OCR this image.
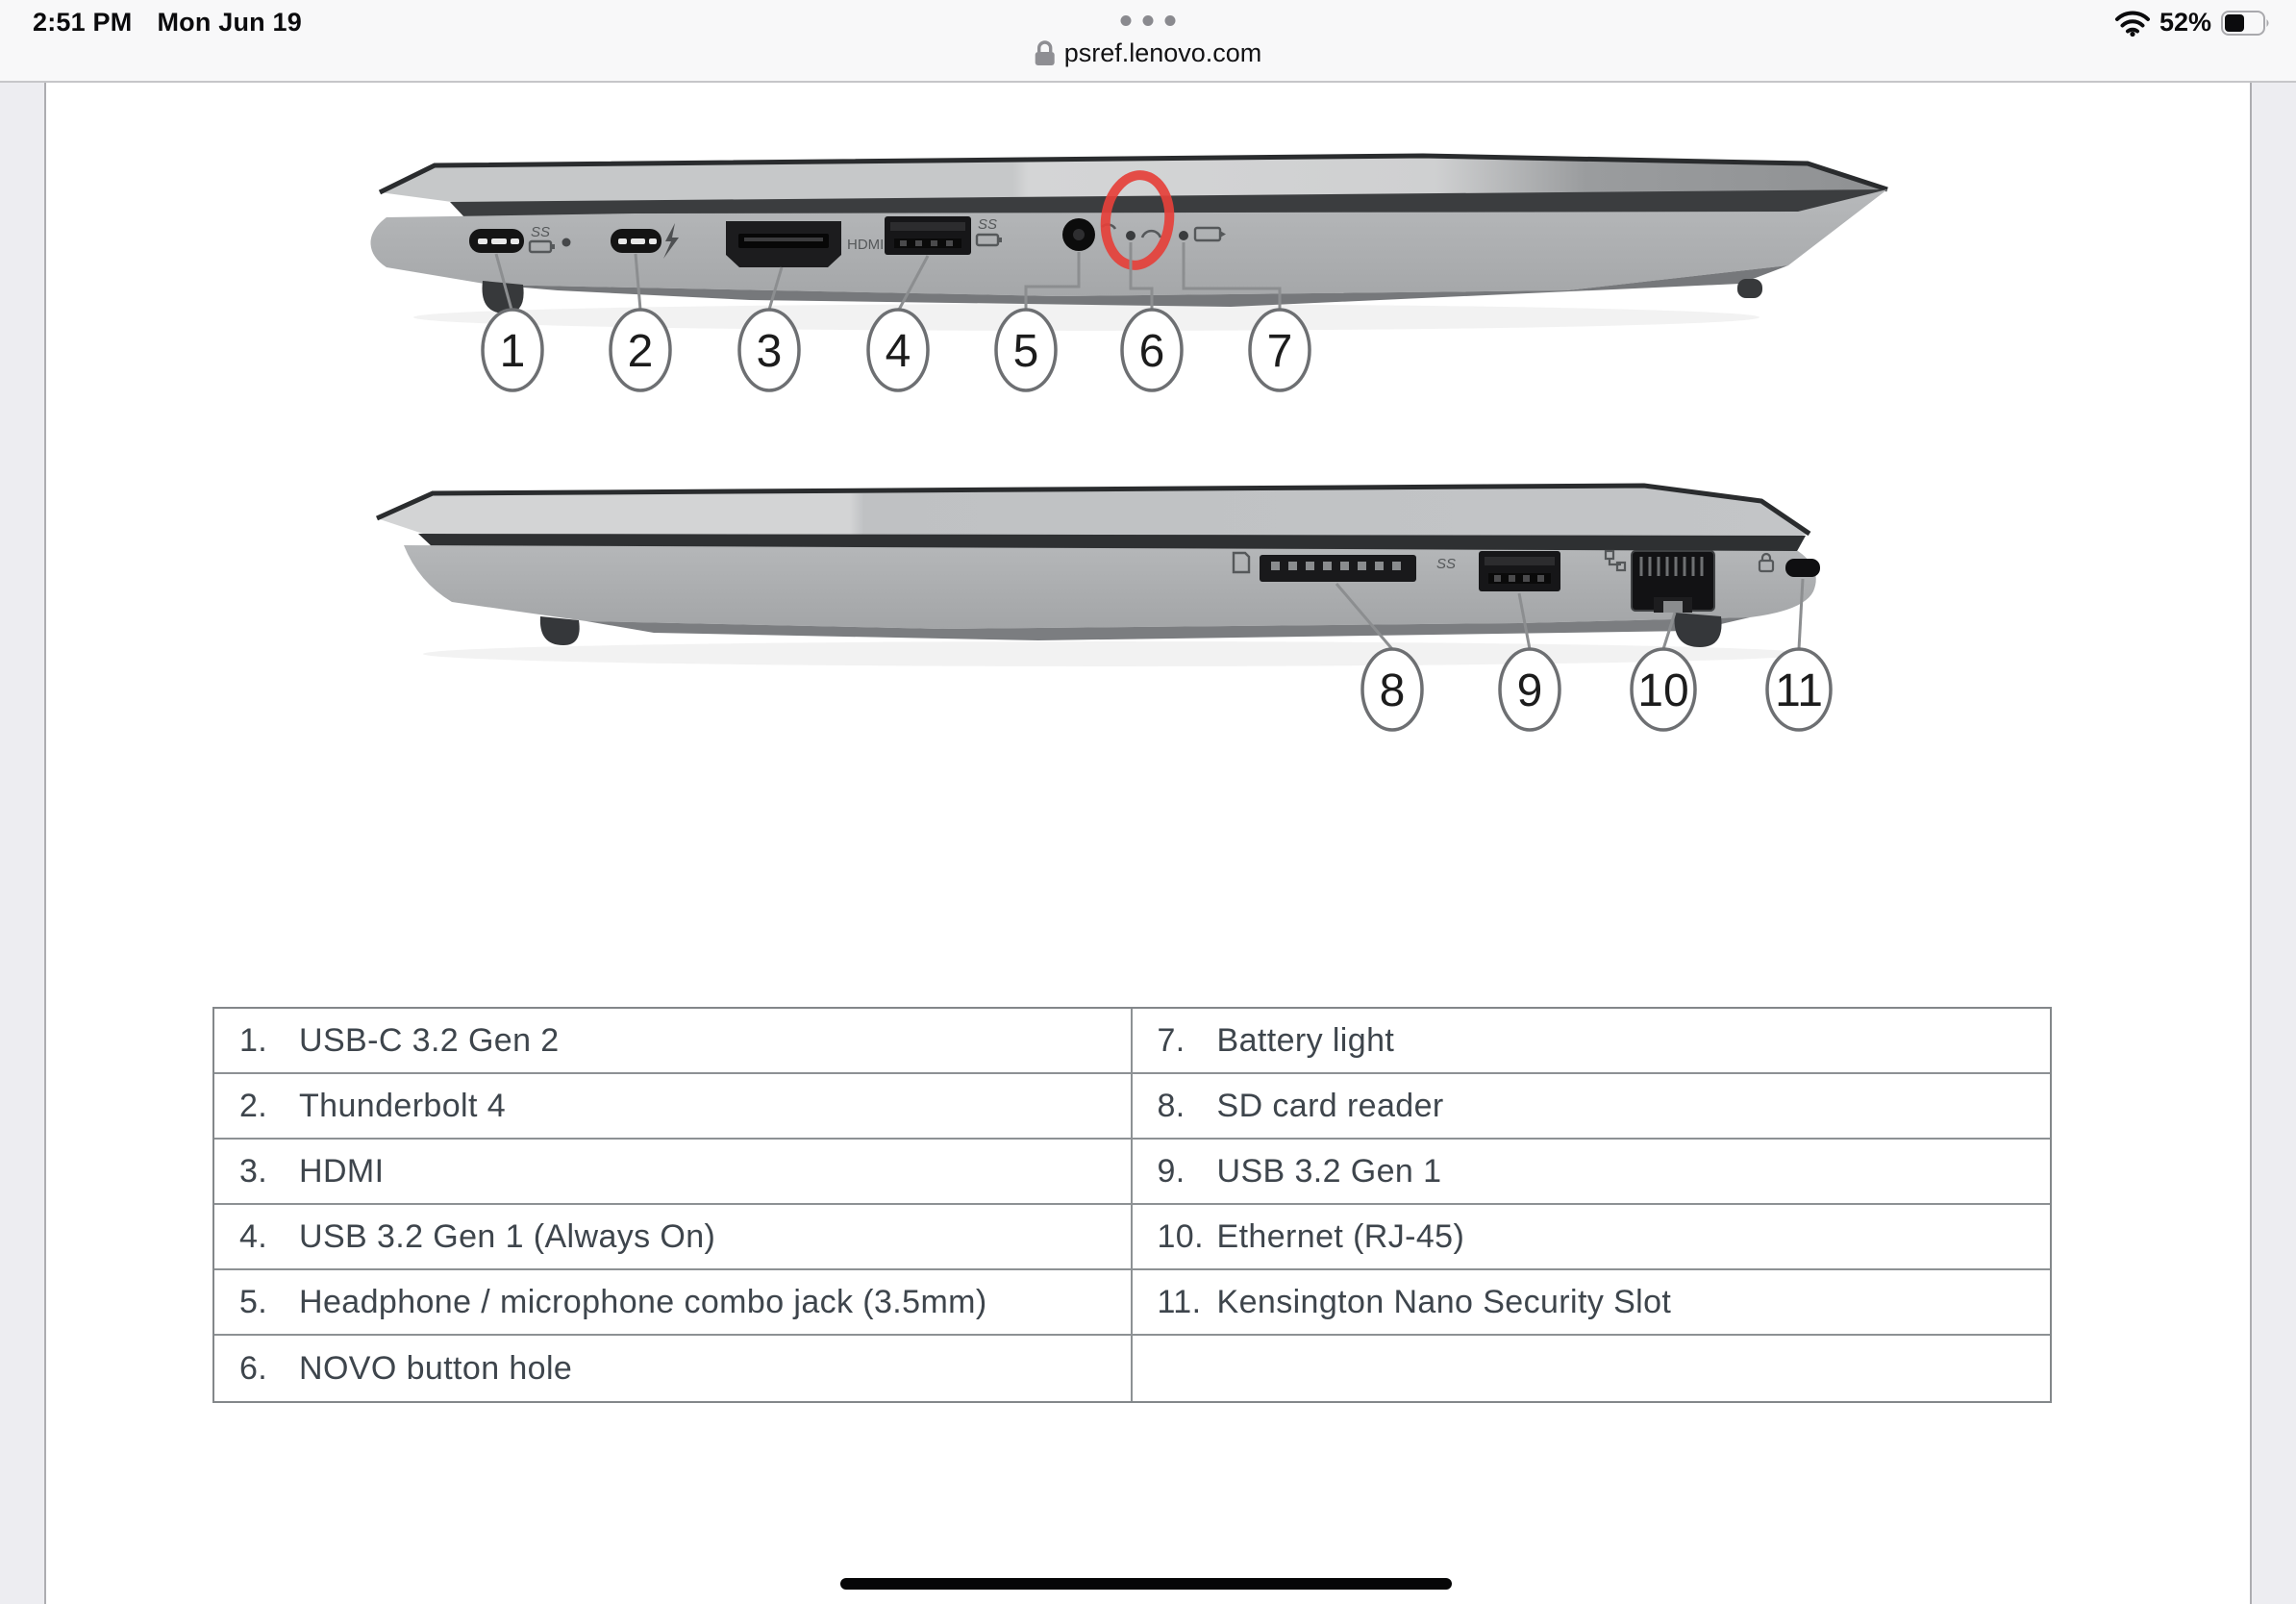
2:51 PM Mon Jun 19
psref.lenovo.com
52%
SS
HDMI
SS
1 2 3 4 5 6 7
SS
8 9 10 11
1. USB-C 3.2 Gen 2	7. Battery light
2. Thunderbolt 4	8. SD card reader
3. HDMI	9. USB 3.2 Gen 1
4. USB 3.2 Gen 1 (Always On)	10. Ethernet (RJ-45)
5. Headphone / microphone combo jack (3.5mm)	11. Kensington Nano Security Slot
6. NOVO button hole
